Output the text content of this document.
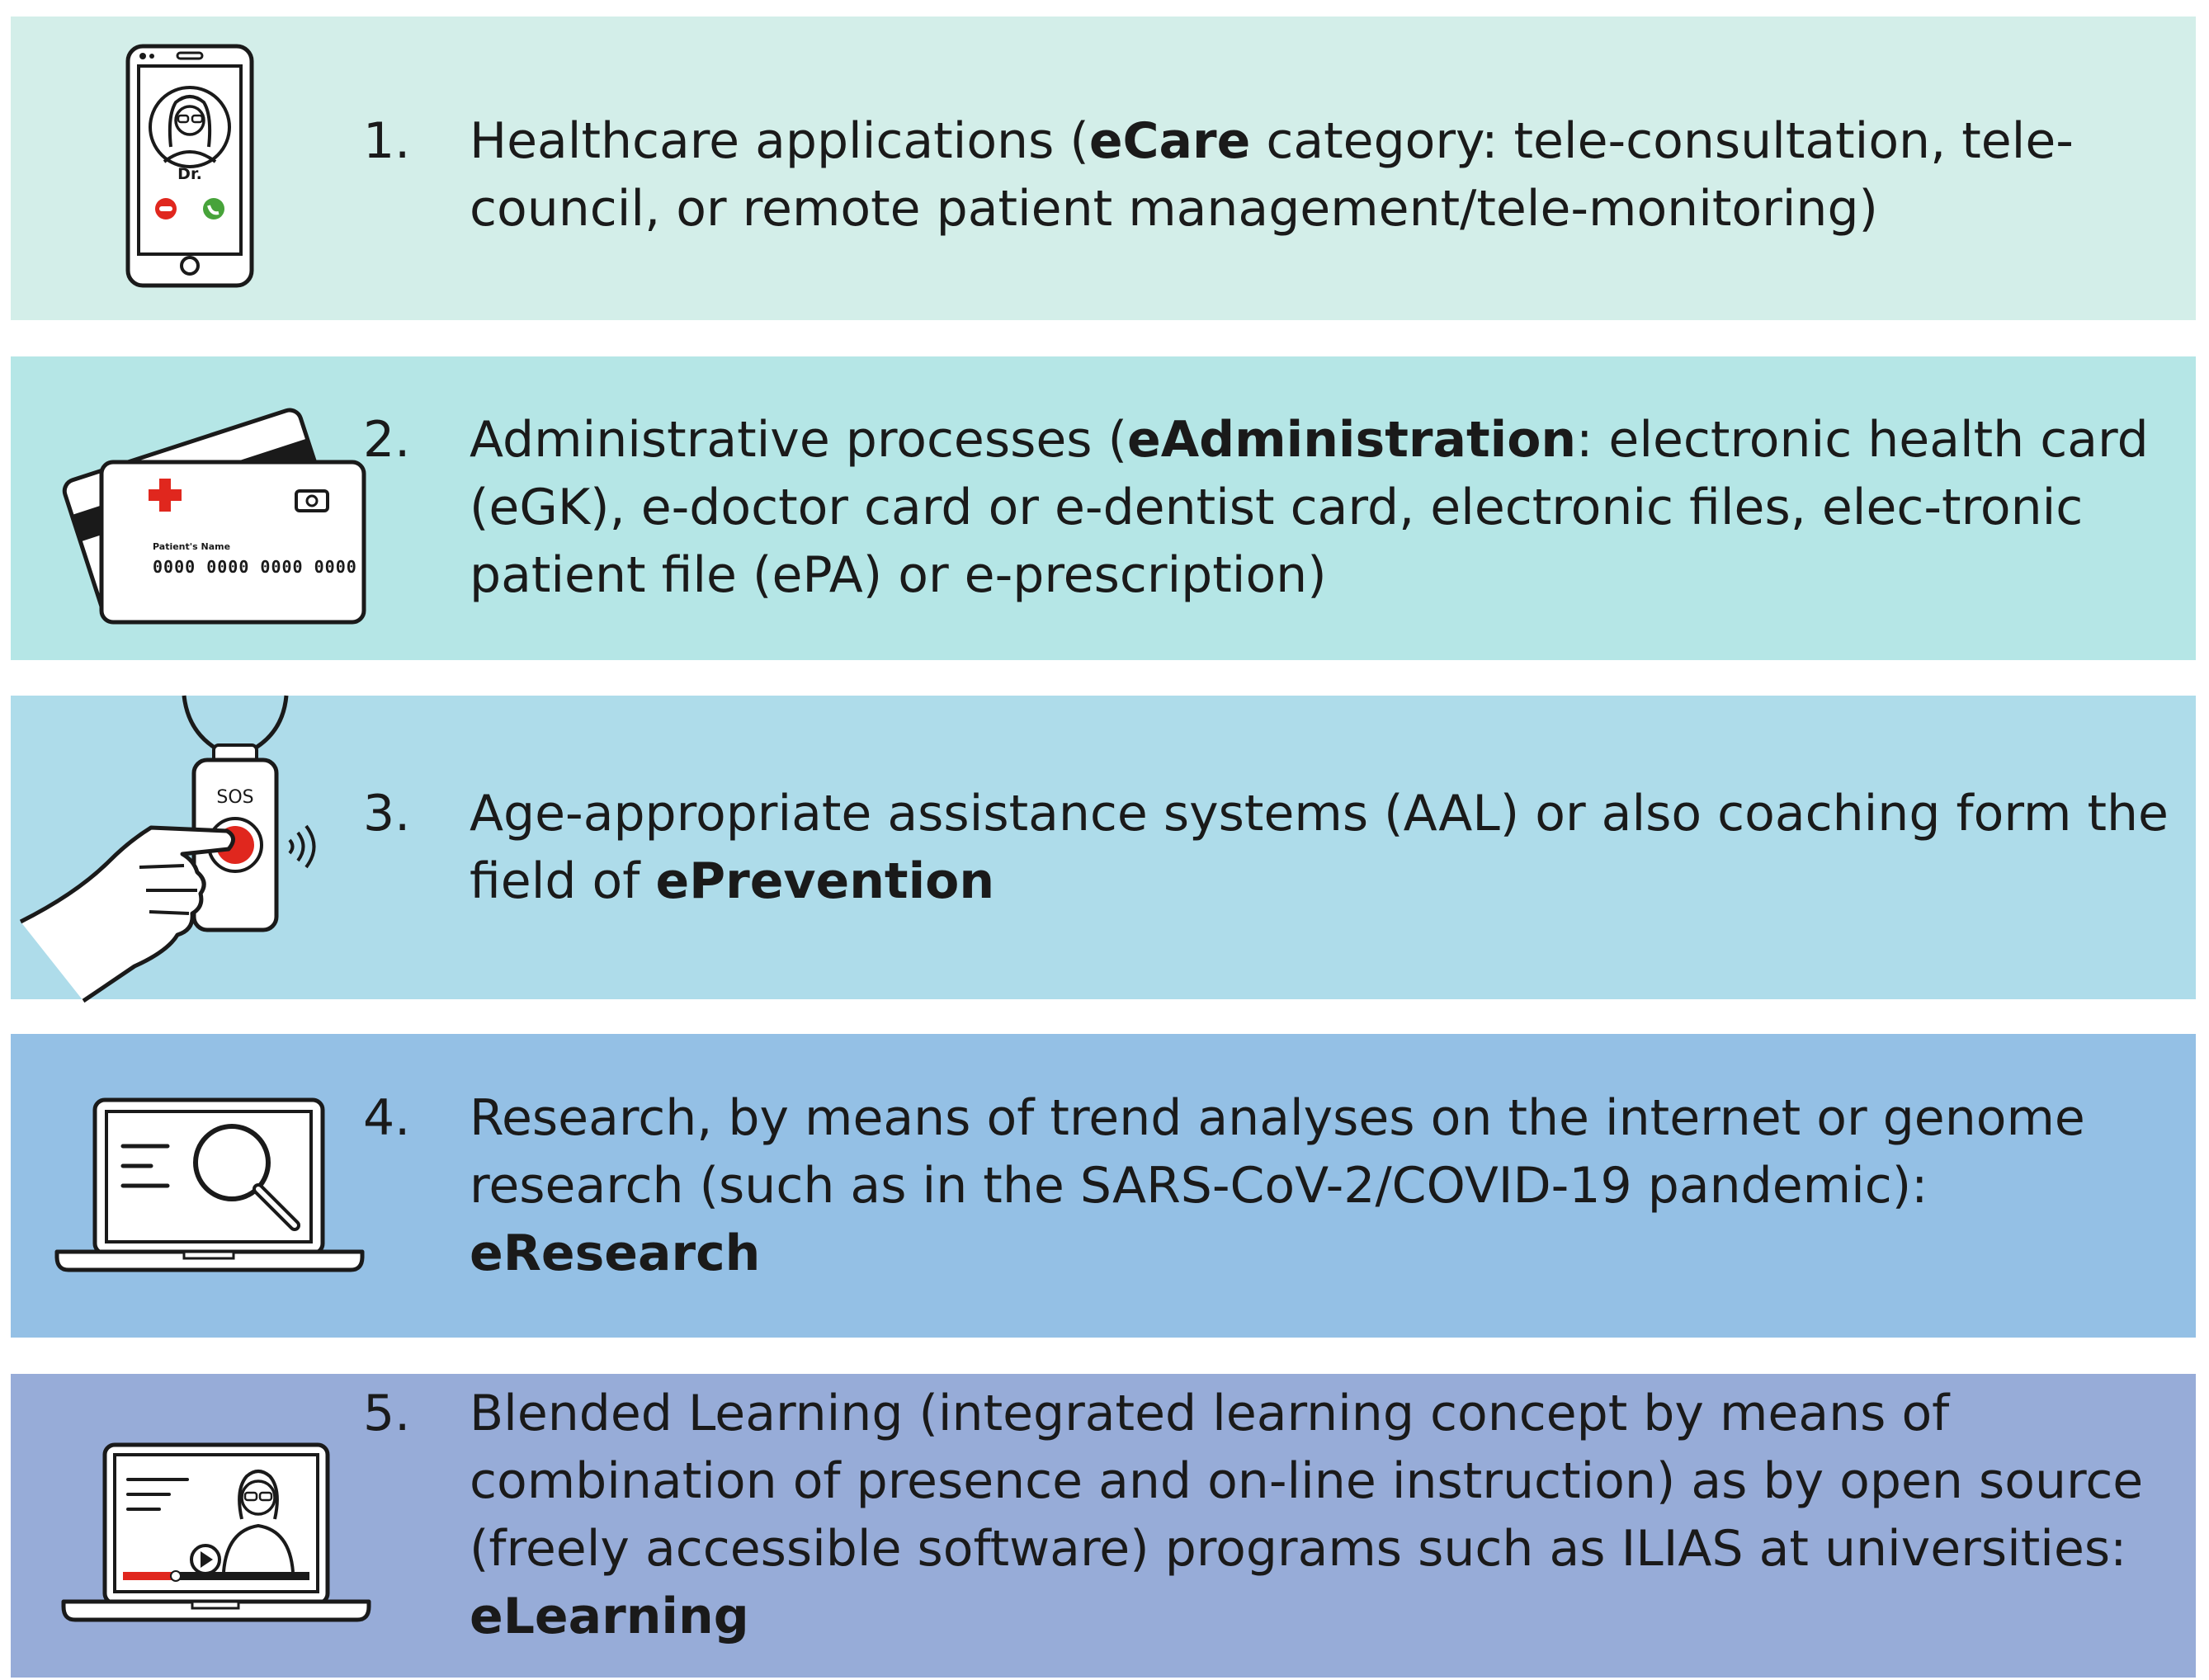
Dr.
1.	Healthcare applications (eCare category: tele-consultation, tele-council, or remote patient management/tele-monitoring)
Patient's Name
0000 0000 0000 0000
2.	Administrative processes (eAdministration: electronic health card (eGK), e-doctor card or e-dentist card, electronic files, elec-tronic patient file (ePA) or e-prescription)
SOS 3.	Age-appropriate assistance systems (AAL) or also coaching form the field of ePrevention
4.	Research, by means of trend analyses on the internet or genome research (such as in the SARS-CoV-2/COVID-19 pandemic): eResearch
5.	Blended Learning (integrated learning concept by means of combination of presence and on-line instruction) as by open source (freely accessible software) programs such as ILIAS at universities: eLearning
